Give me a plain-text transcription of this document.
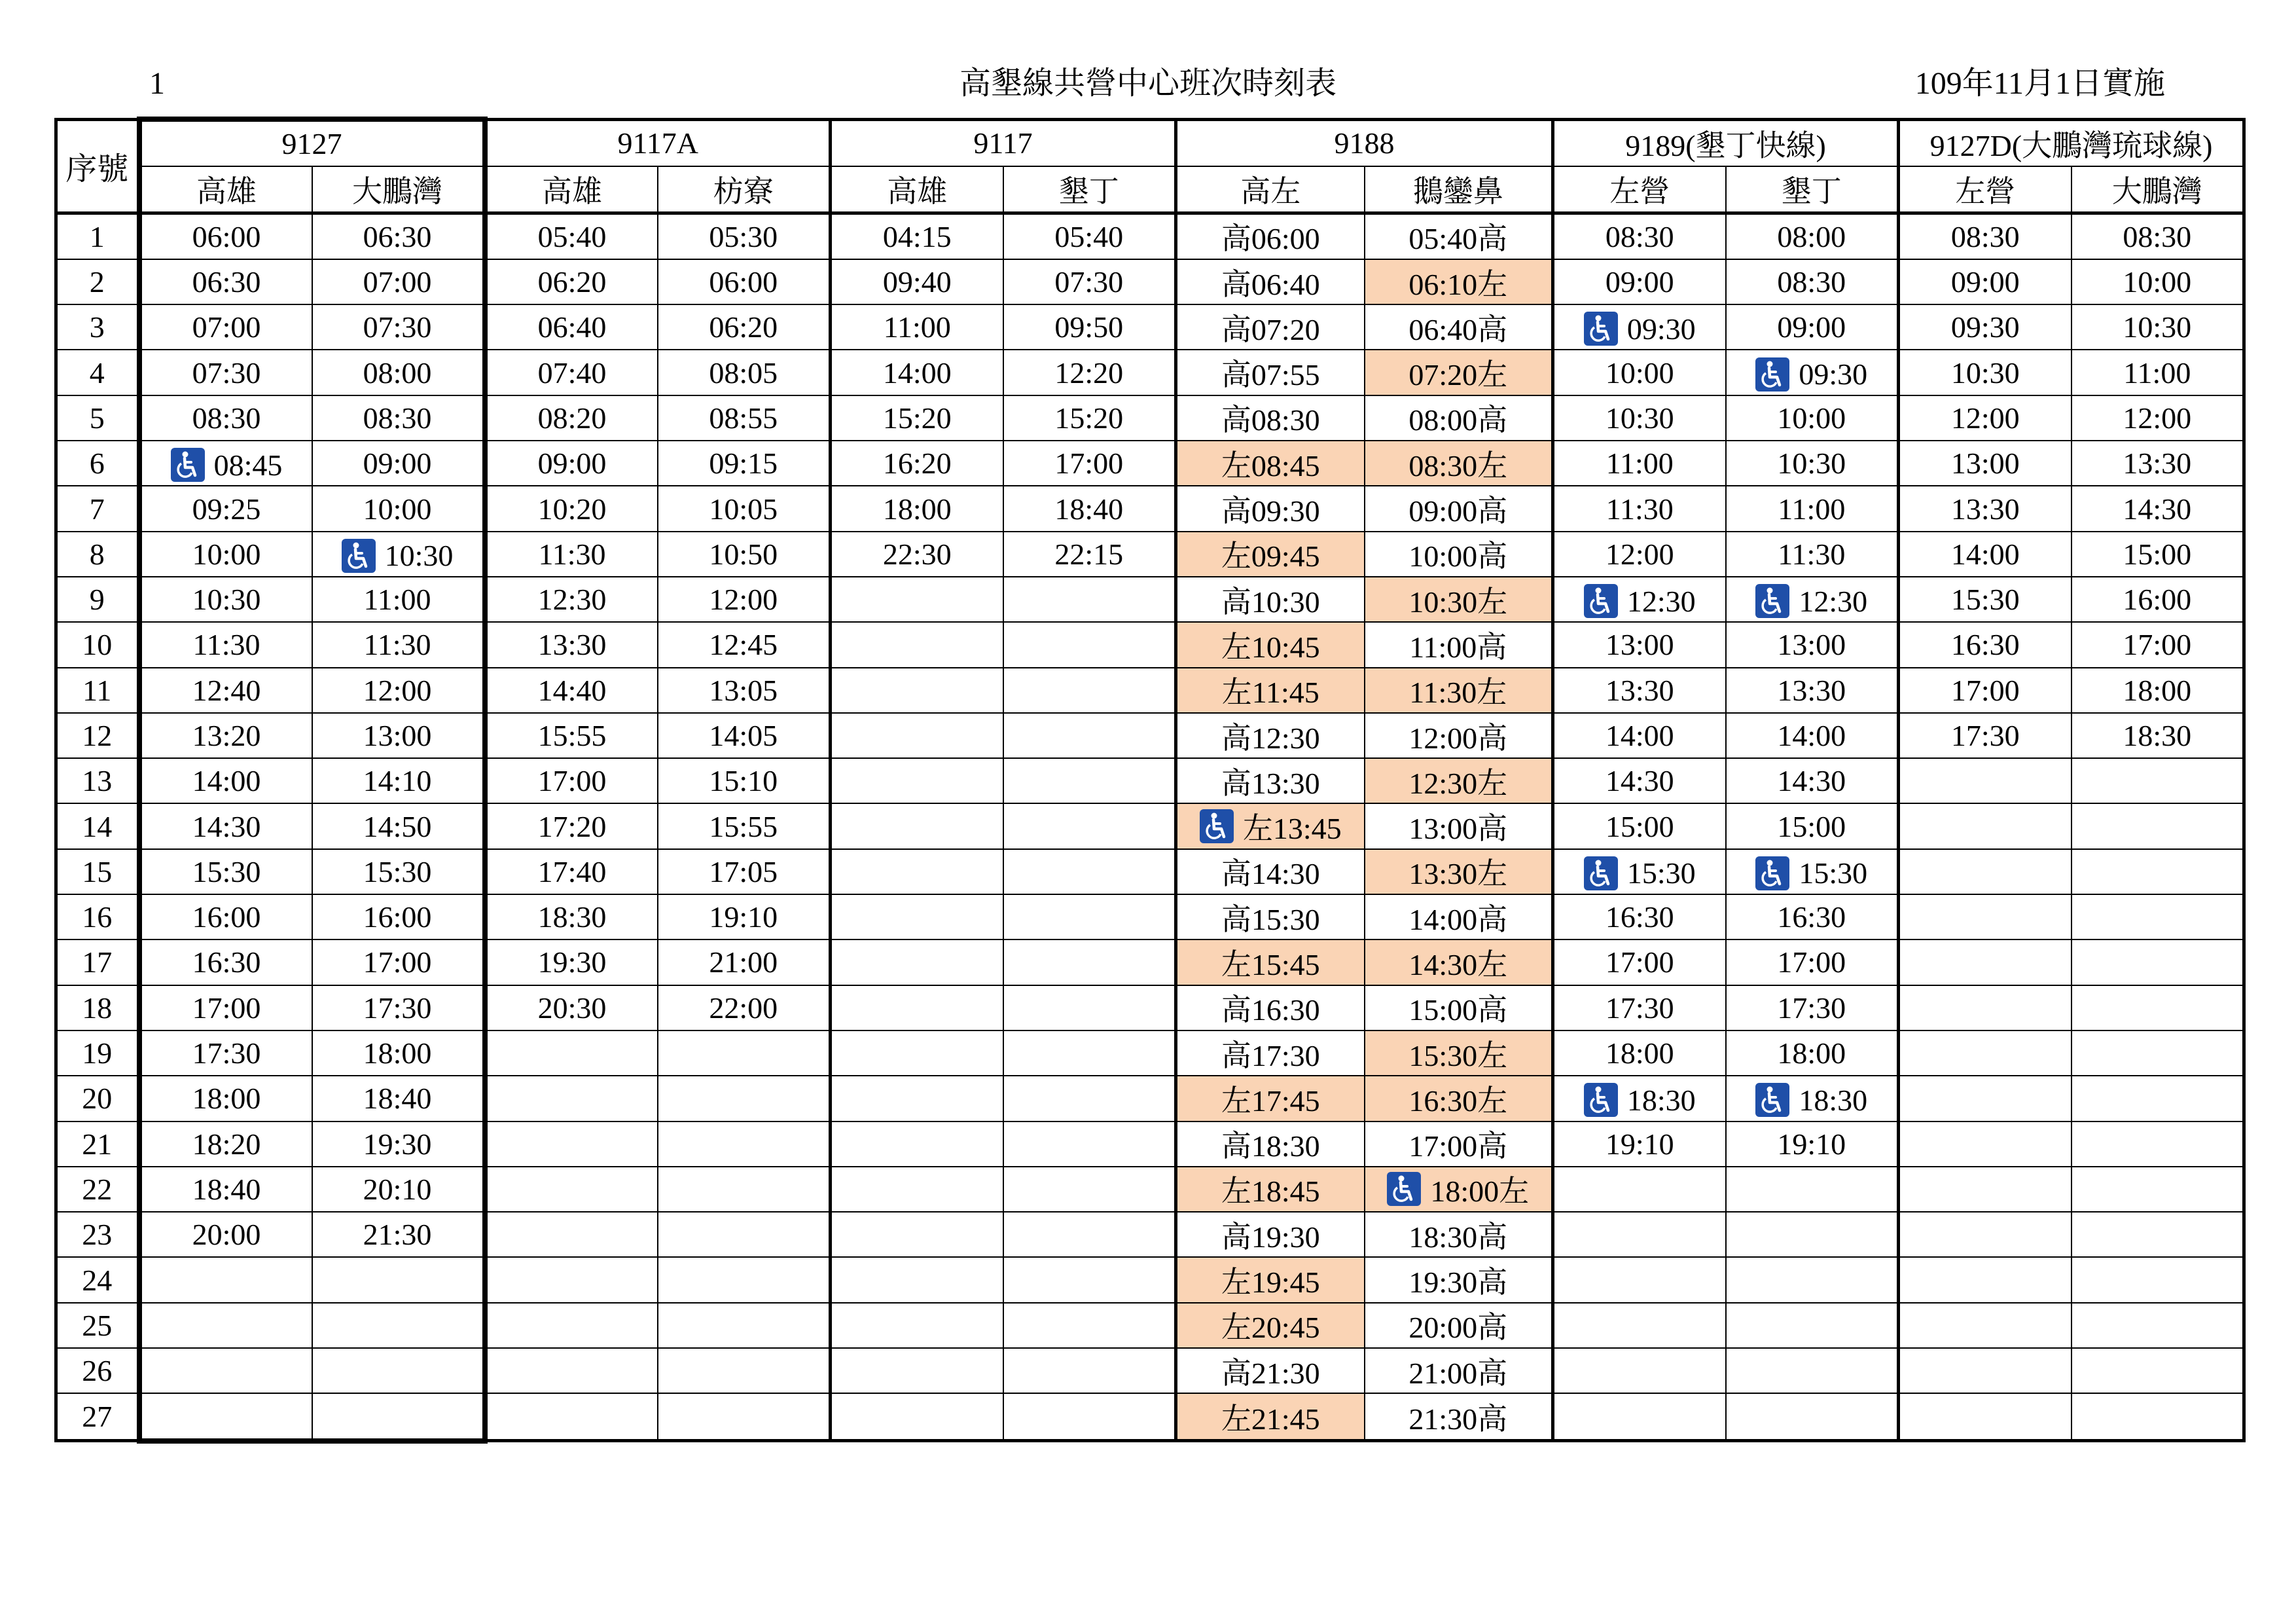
1	高墾線共營中心班次時刻表	109年11月1日實施
序號	9127		9117A		9117		9188		9189(墾丁快線)		9127D(大鵬灣琉球線)	
	高雄	大鵬灣	高雄	枋寮	高雄	墾丁	高左	鵝鑾鼻	左營	墾丁	左營	大鵬灣
1	06:00	06:30	05:40	05:30	04:15	05:40	高06:00	05:40高	08:30	08:00	08:30	08:30
2	06:30	07:00	06:20	06:00	09:40	07:30	高06:40	06:10左	09:00	08:30	09:00	10:00
3	07:00	07:30	06:40	06:20	11:00	09:50	高07:20	06:40高	09:30	09:00	09:30	10:30
4	07:30	08:00	07:40	08:05	14:00	12:20	高07:55	07:20左	10:00	09:30	10:30	11:00
5	08:30	08:30	08:20	08:55	15:20	15:20	高08:30	08:00高	10:30	10:00	12:00	12:00
6	08:45	09:00	09:00	09:15	16:20	17:00	左08:45	08:30左	11:00	10:30	13:00	13:30
7	09:25	10:00	10:20	10:05	18:00	18:40	高09:30	09:00高	11:30	11:00	13:30	14:30
8	10:00	10:30	11:30	10:50	22:30	22:15	左09:45	10:00高	12:00	11:30	14:00	15:00
9	10:30	11:00	12:30	12:00			高10:30	10:30左	12:30	12:30	15:30	16:00
10	11:30	11:30	13:30	12:45			左10:45	11:00高	13:00	13:00	16:30	17:00
11	12:40	12:00	14:40	13:05			左11:45	11:30左	13:30	13:30	17:00	18:00
12	13:20	13:00	15:55	14:05			高12:30	12:00高	14:00	14:00	17:30	18:30
13	14:00	14:10	17:00	15:10			高13:30	12:30左	14:30	14:30		
14	14:30	14:50	17:20	15:55			左13:45	13:00高	15:00	15:00		
15	15:30	15:30	17:40	17:05			高14:30	13:30左	15:30	15:30		
16	16:00	16:00	18:30	19:10			高15:30	14:00高	16:30	16:30		
17	16:30	17:00	19:30	21:00			左15:45	14:30左	17:00	17:00		
18	17:00	17:30	20:30	22:00			高16:30	15:00高	17:30	17:30		
19	17:30	18:00					高17:30	15:30左	18:00	18:00		
20	18:00	18:40					左17:45	16:30左	18:30	18:30		
21	18:20	19:30					高18:30	17:00高	19:10	19:10		
22	18:40	20:10					左18:45	18:00左				
23	20:00	21:30					高19:30	18:30高				
24							左19:45	19:30高				
25							左20:45	20:00高				
26							高21:30	21:00高				
27							左21:45	21:30高				
